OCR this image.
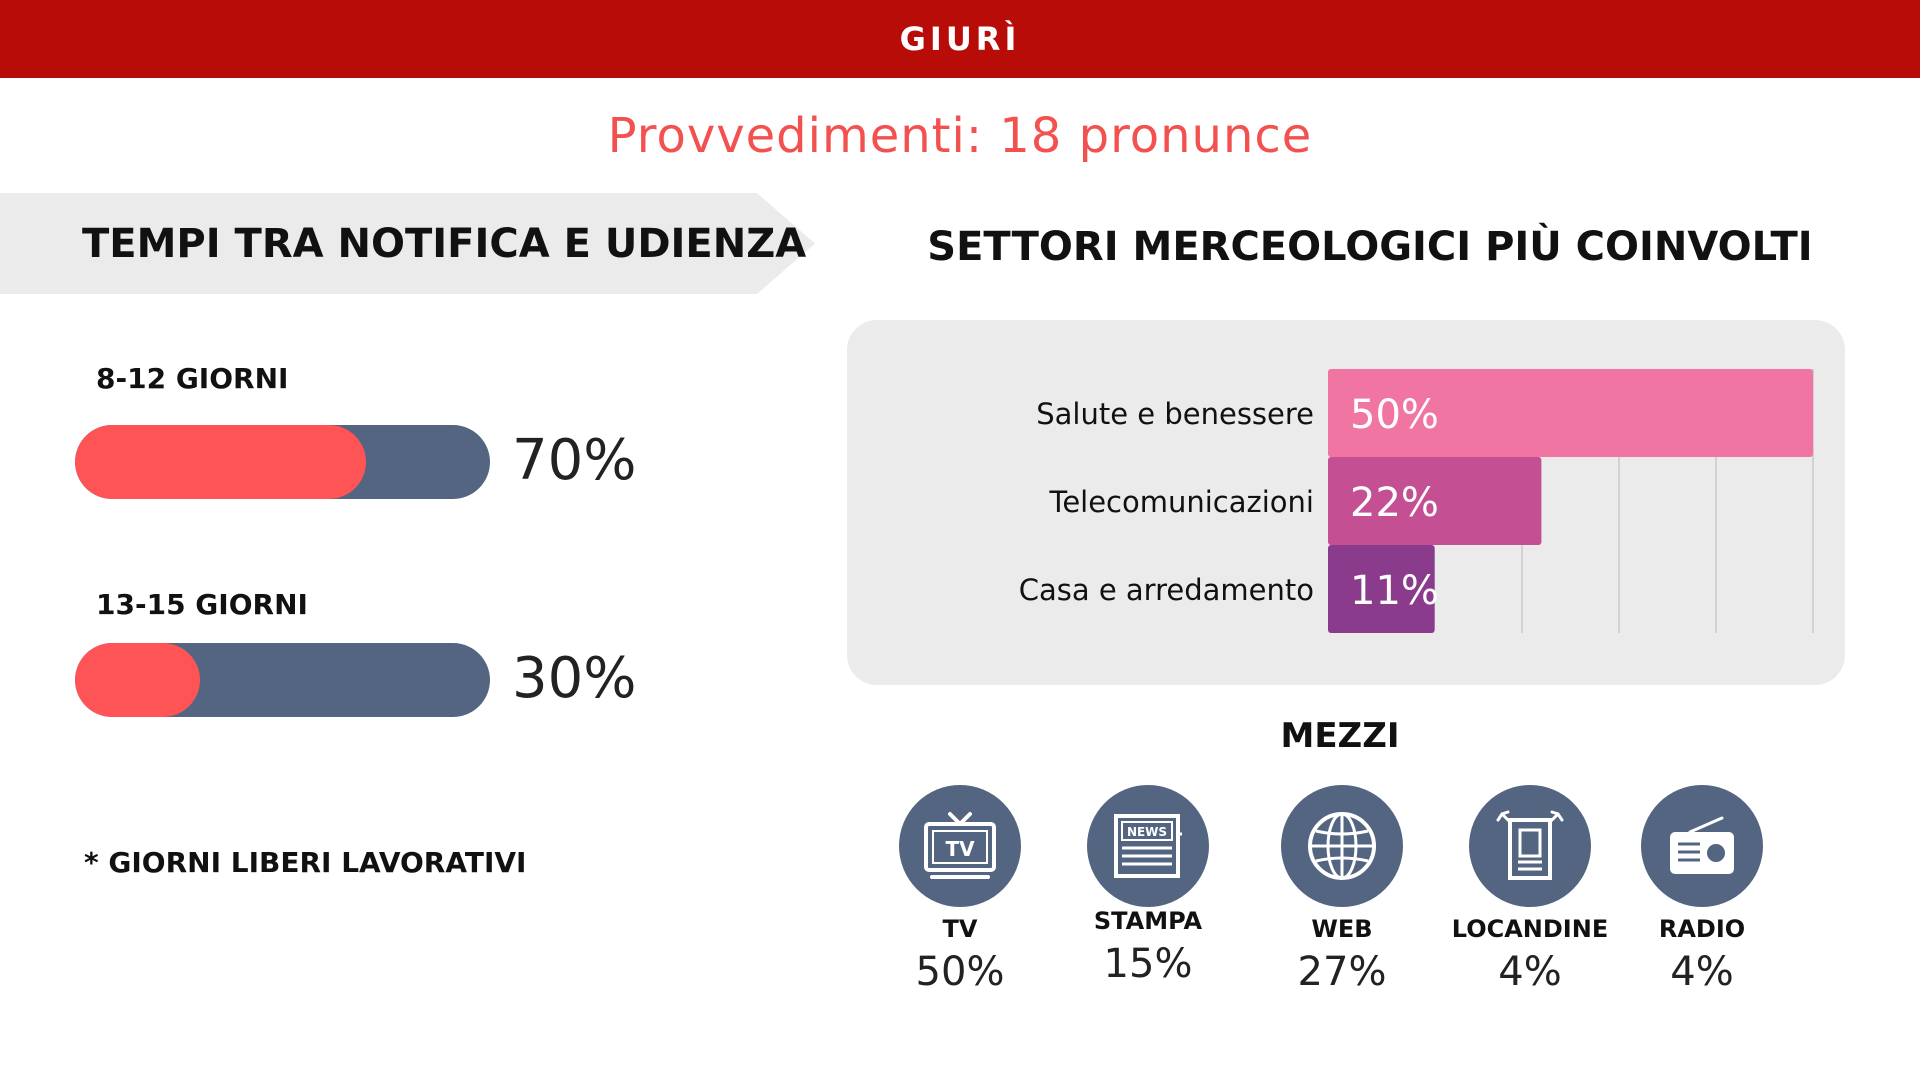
GIURÌ
Provvedimenti: 18 pronunce
TEMPI TRA NOTIFICA E UDIENZA
8-12 GIORNI
70%
13-15 GIORNI
30%
* GIORNI LIBERI LAVORATIVI
SETTORI MERCEOLOGICI PIÙ COINVOLTI
50%
Salute e benessere
22%
Telecomunicazioni
11%
Casa e arredamento
MEZZI
TV
TV
50%
NEWS
STAMPA
15%
WEB
27%
LOCANDINE
4%
RADIO
4%
